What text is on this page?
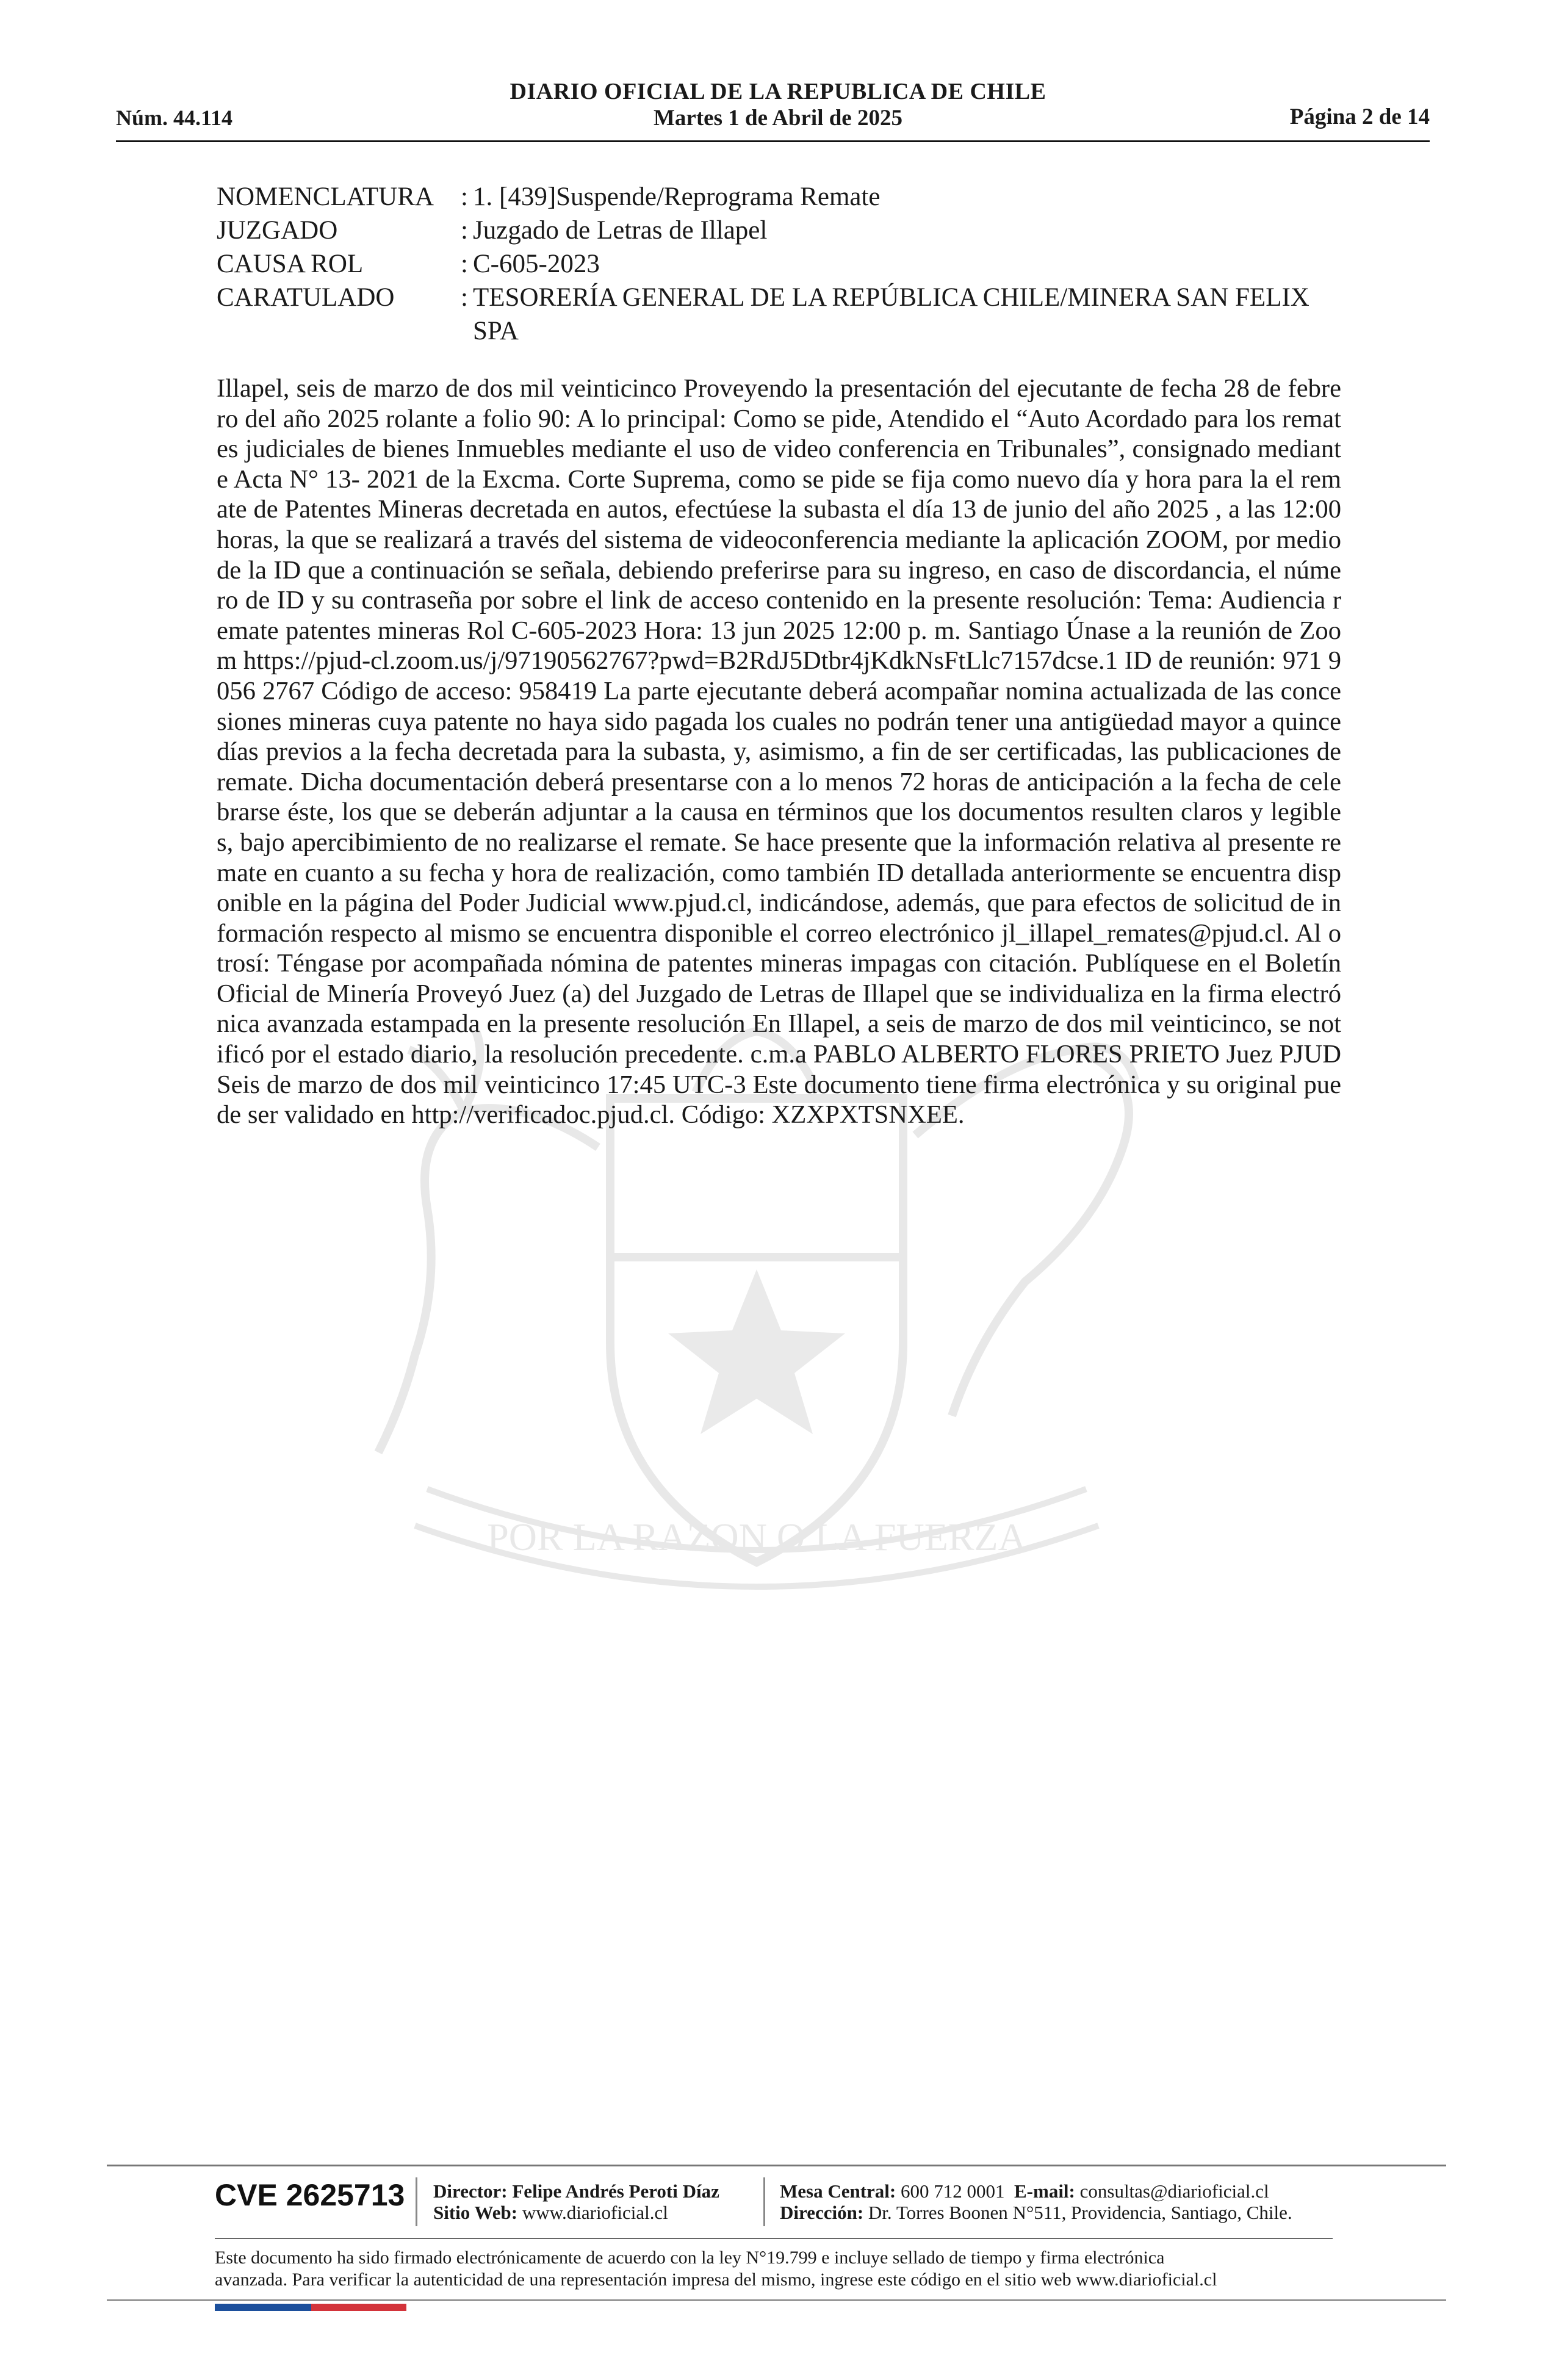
DIARIO OFICIAL DE LA REPUBLICA DE CHILE
Núm. 44.114	Martes 1 de Abril de 2025	Página 2 de 14
POR LA RAZON O LA FUERZA
NOMENCLATURA	: 1. [439]Suspende/Reprograma Remate
JUZGADO	: Juzgado de Letras de Illapel
CAUSA ROL	: C-605-2023
CARATULADO	: TESORERÍA GENERAL DE LA REPÚBLICA CHILE/MINERA SAN FELIX SPA
Illapel, seis de marzo de dos mil veinticinco Proveyendo la presentación del ejecutante de fecha 28 de febrero del año 2025 rolante a folio 90: A lo principal: Como se pide, Atendido el “Auto Acordado para los remates judiciales de bienes Inmuebles mediante el uso de video conferencia en Tribunales”, consignado mediante Acta N° 13- 2021 de la Excma. Corte Suprema, como se pide se fija como nuevo día y hora para la el remate de Patentes Mineras decretada en autos, efectúese la subasta el día 13 de junio del año 2025 , a las 12:00 horas, la que se realizará a través del sistema de videoconferencia mediante la aplicación ZOOM, por medio de la ID que a continuación se señala, debiendo preferirse para su ingreso, en caso de discordancia, el número de ID y su contraseña por sobre el link de acceso contenido en la presente resolución: Tema: Audiencia remate patentes mineras Rol C-605-2023 Hora: 13 jun 2025 12:00 p. m. Santiago Únase a la reunión de Zoom https://pjud-cl.zoom.us/j/97190562767?pwd=B2RdJ5Dtbr4jKdkNsFtLlc7157dcse.1 ID de reunión: 971 9056 2767 Código de acceso: 958419 La parte ejecutante deberá acompañar nomina actualizada de las concesiones mineras cuya patente no haya sido pagada los cuales no podrán tener una antigüedad mayor a quince días previos a la fecha decretada para la subasta, y, asimismo, a fin de ser certificadas, las publicaciones de remate. Dicha documentación deberá presentarse con a lo menos 72 horas de anticipación a la fecha de celebrarse éste, los que se deberán adjuntar a la causa en términos que los documentos resulten claros y legibles, bajo apercibimiento de no realizarse el remate. Se hace presente que la información relativa al presente remate en cuanto a su fecha y hora de realización, como también ID detallada anteriormente se encuentra disponible en la página del Poder Judicial www.pjud.cl, indicándose, además, que para efectos de solicitud de información respecto al mismo se encuentra disponible el correo electrónico jl_illapel_remates@pjud.cl. Al otrosí: Téngase por acompañada nómina de patentes mineras impagas con citación. Publíquese en el Boletín Oficial de Minería Proveyó Juez (a) del Juzgado de Letras de Illapel que se individualiza en la firma electrónica avanzada estampada en la presente resolución En Illapel, a seis de marzo de dos mil veinticinco, se notificó por el estado diario, la resolución precedente. c.m.a PABLO ALBERTO FLORES PRIETO Juez PJUD Seis de marzo de dos mil veinticinco 17:45 UTC-3 Este documento tiene firma electrónica y su original puede ser validado en http://verificadoc.pjud.cl. Código: XZXPXTSNXEE.
CVE 2625713 Director: Felipe Andrés Peroti Díaz
Sitio Web: www.diarioficial.cl
Mesa Central: 600 712 0001 E-mail: consultas@diarioficial.cl
Dirección: Dr. Torres Boonen N°511, Providencia, Santiago, Chile.
Este documento ha sido firmado electrónicamente de acuerdo con la ley N°19.799 e incluye sellado de tiempo y firma electrónica
avanzada. Para verificar la autenticidad de una representación impresa del mismo, ingrese este código en el sitio web www.diarioficial.cl
